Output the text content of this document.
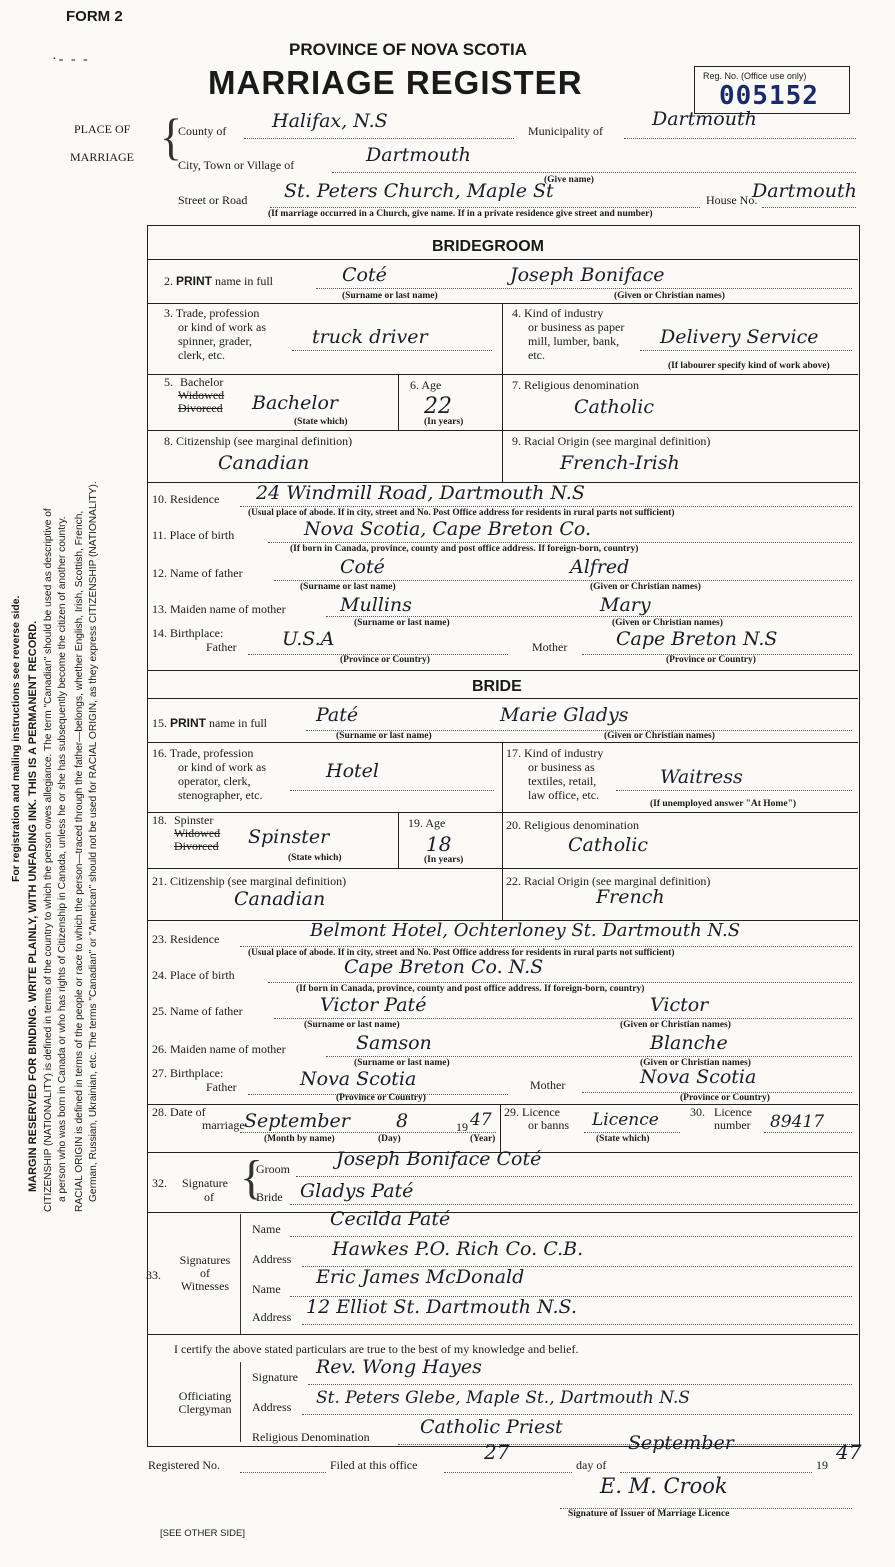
FORM 2
·- - -
PROVINCE OF NOVA SCOTIA
MARRIAGE REGISTER	Reg. No. (Office use only)
005152
PLACE OF
MARRIAGE {
County of Halifax, N.S	Municipality of
Dartmouth
City, Town or Village of	Dartmouth
(Give name)
Street or Road St. Peters Church, Maple St	House No.
Dartmouth
(If marriage occurred in a Church, give name. If in a private residence give street and number)
BRIDEGROOM
2. PRINT name in full	Coté	Joseph Boniface
(Surname or last name)	(Given or Christian names)
3. Trade, profession
or kind of work as
spinner, grader,
clerk, etc.
truck driver
4. Kind of industry
or business as paper
mill, lumber, bank,
etc.
Delivery Service
(If labourer specify kind of work above)
5. Bachelor
Widowed
Divorced Bachelor
(State which)
6. Age
22
(In years)
7. Religious denomination
Catholic
8. Citizenship (see marginal definition)
Canadian
9. Racial Origin (see marginal definition)
French-Irish
10. Residence 24 Windmill Road, Dartmouth N.S
(Usual place of abode. If in city, street and No. Post Office address for residents in rural parts not sufficient)
11. Place of birth	Nova Scotia, Cape Breton Co.
(If born in Canada, province, county and post office address. If foreign-born, country)
12. Name of father	Coté	Alfred
(Surname or last name)	(Given or Christian names)
13. Maiden name of mother	Mullins	Mary
(Surname or last name)	(Given or Christian names)
14. Birthplace:
Father U.S.A	Mother	Cape Breton N.S
(Province or Country)	(Province or Country)
BRIDE
15. PRINT name in full	Paté	Marie Gladys
(Surname or last name)	(Given or Christian names)
16. Trade, profession
or kind of work as
operator, clerk,
stenographer, etc.
Hotel
17. Kind of industry
or business as
textiles, retail,
law office, etc.
Waitress
(If unemployed answer "At Home")
18. Spinster
Widowed
Divorced Spinster
(State which)
19. Age
18
(In years)
20. Religious denomination
Catholic
21. Citizenship (see marginal definition)
Canadian
22. Racial Origin (see marginal definition)
French
23. Residence	Belmont Hotel, Ochterloney St. Dartmouth N.S
(Usual place of abode. If in city, street and No. Post Office address for residents in rural parts not sufficient)
24. Place of birth	Cape Breton Co. N.S
(If born in Canada, province, county and post office address. If foreign-born, country)
25. Name of father	Victor Paté	Victor
(Surname or last name)	(Given or Christian names)
26. Maiden name of mother	Samson	Blanche
(Surname or last name)	(Given or Christian names)
27. Birthplace:
Father	Nova Scotia	Mother	Nova Scotia
(Province or Country)	(Province or Country)
28. Date of
marriage September 8	19 47
(Month by name)	(Day)	(Year)
29. Licence
or banns Licence
(State which)
30. Licence
number 89417
32. Signature
of {
Groom Joseph Boniface Coté
Bride Gladys Paté
33.
Signatures
of
Witnesses
Name	Cecilda Paté
Address Hawkes P.O. Rich Co. C.B.
Name
Eric James McDonald
Address 12 Elliot St. Dartmouth N.S.
I certify the above stated particulars are true to the best of my knowledge and belief.
Officiating
Clergyman
Signature Rev. Wong Hayes
Address St. Peters Glebe, Maple St., Dartmouth N.S
Religious Denomination	Catholic Priest
Registered No.	Filed at this office
27
day of
September
19
47
E. M. Crook
Signature of Issuer of Marriage Licence
[SEE OTHER SIDE]
For registration and mailing instructions see reverse side. MARGIN RESERVED FOR BINDING. WRITE PLAINLY, WITH UNFADING INK. THIS IS A PERMANENT RECORD. CITIZENSHIP (NATIONALITY) is defined in terms of the country to which the person owes allegiance. The term "Canadian" should be used as descriptive of a person who was born in Canada or who has rights of Citizenship in Canada, unless he or she has subsequently become the citizen of another country. RACIAL ORIGIN is defined in terms of the people or race to which the person—traced through the father—belongs, whether English, Irish, Scottish, French, German, Russian, Ukrainian, etc. The terms "Canadian" or "American" should not be used for RACIAL ORIGIN, as they express CITIZENSHIP (NATIONALITY).
